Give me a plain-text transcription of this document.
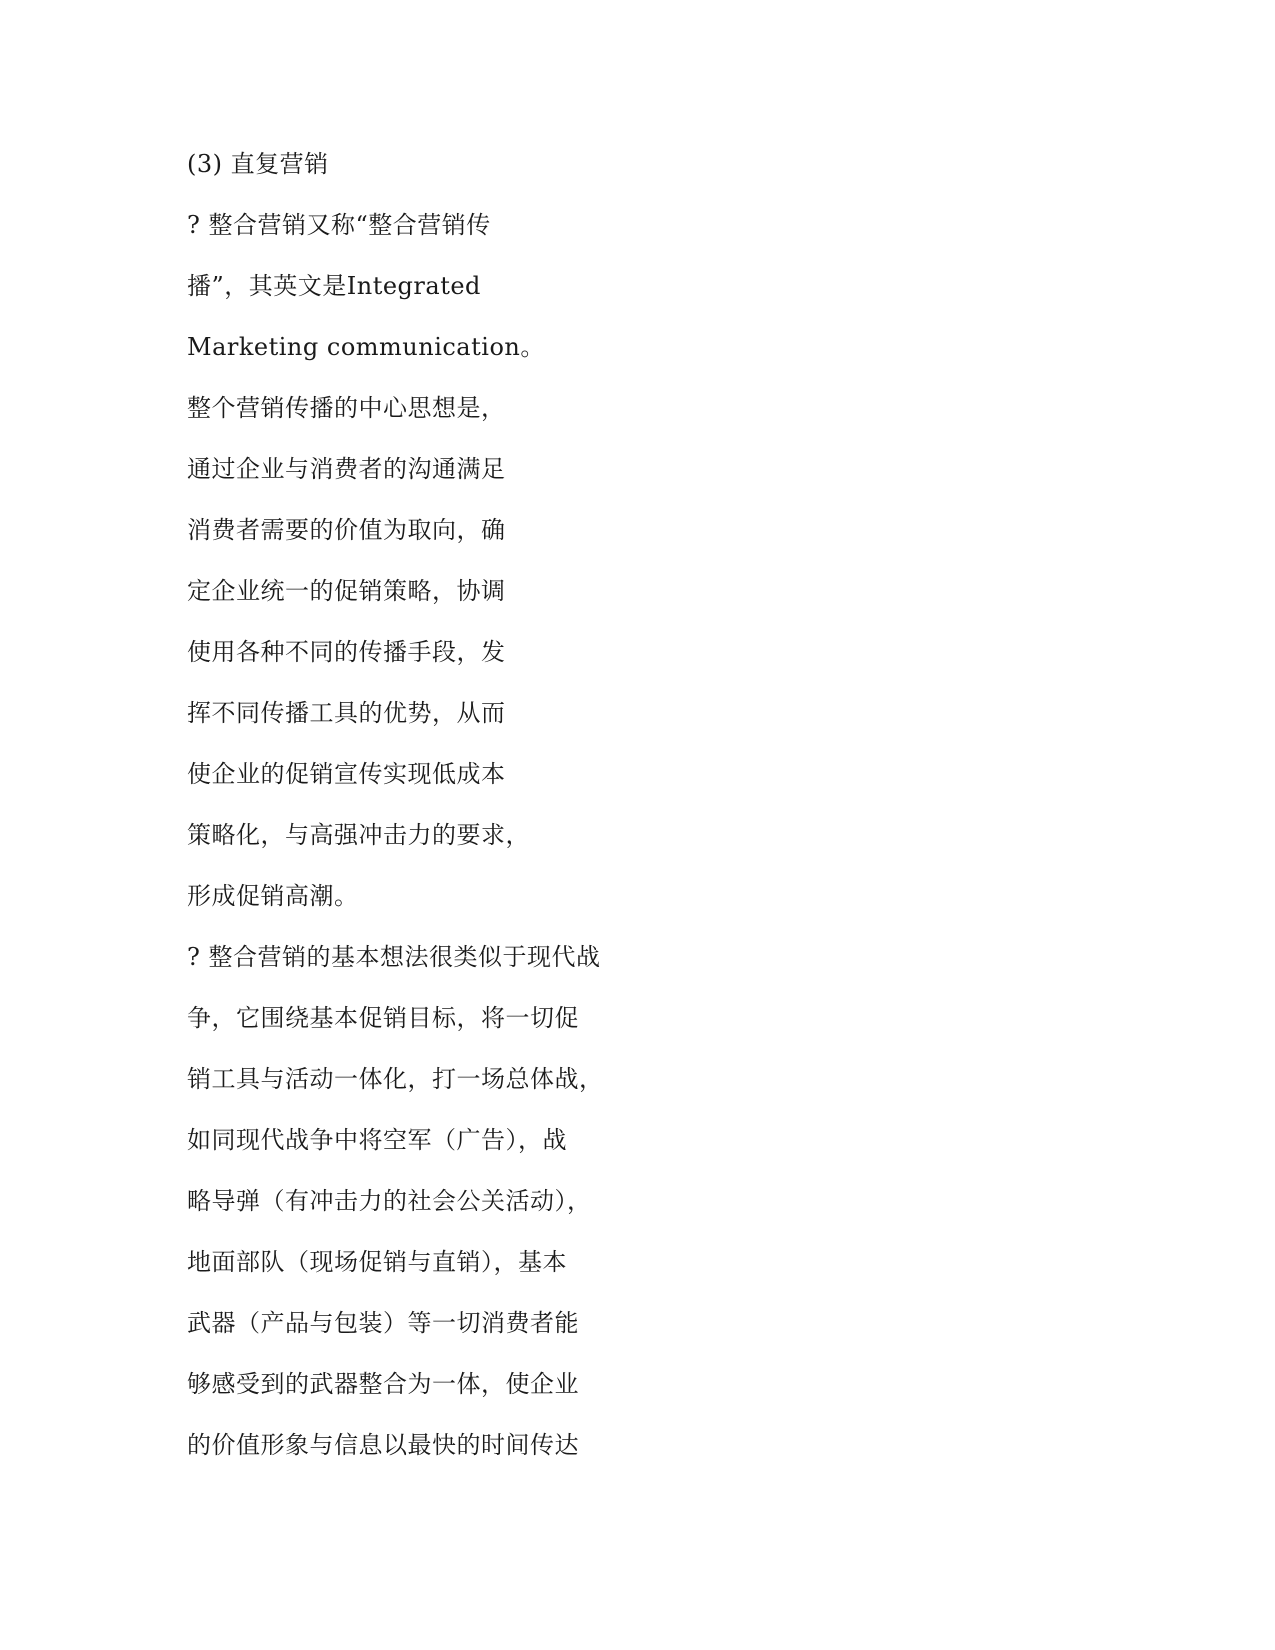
(3) 直复营销
? 整合营销又称“整合营销传
播”，其英文是Integrated
Marketing communication。
整个营销传播的中心思想是，
通过企业与消费者的沟通满足
消费者需要的价值为取向，确
定企业统一的促销策略，协调
使用各种不同的传播手段，发
挥不同传播工具的优势，从而
使企业的促销宣传实现低成本
策略化，与高强冲击力的要求，
形成促销高潮。
? 整合营销的基本想法很类似于现代战
争，它围绕基本促销目标，将一切促
销工具与活动一体化，打一场总体战，
如同现代战争中将空军（广告），战
略导弹（有冲击力的社会公关活动），
地面部队（现场促销与直销），基本
武器（产品与包装）等一切消费者能
够感受到的武器整合为一体，使企业
的价值形象与信息以最快的时间传达
